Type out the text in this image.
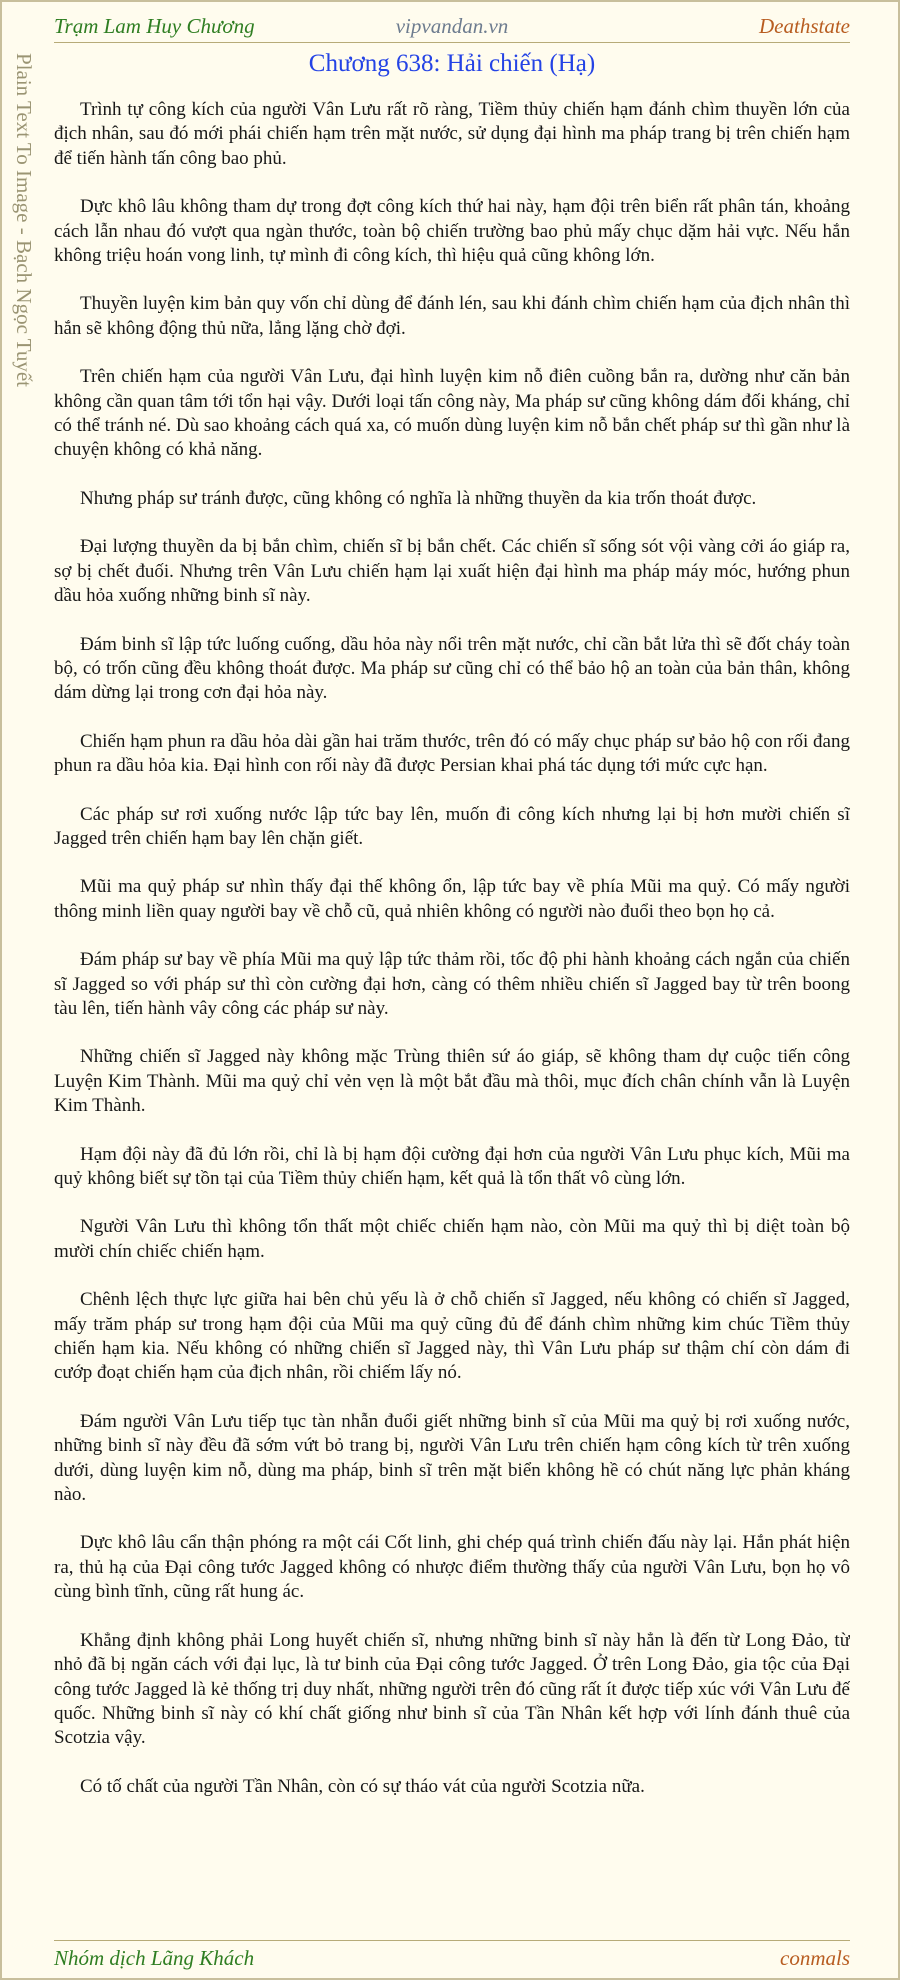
Plain Text To Image - Bạch Ngọc Tuyết
Trạm Lam Huy Chương	vipvandan.vn	Deathstate
Chương 638: Hải chiến (Hạ)

Trình tự công kích của người Vân Lưu rất rõ ràng, Tiềm thủy chiến hạm đánh chìm thuyền lớn của địch nhân, sau đó mới phái chiến hạm trên mặt nước, sử dụng đại hình ma pháp trang bị trên chiến hạm để tiến hành tấn công bao phủ.

Dực khô lâu không tham dự trong đợt công kích thứ hai này, hạm đội trên biển rất phân tán, khoảng cách lẫn nhau đó vượt qua ngàn thước, toàn bộ chiến trường bao phủ mấy chục dặm hải vực. Nếu hắn không triệu hoán vong linh, tự mình đi công kích, thì hiệu quả cũng không lớn.

Thuyền luyện kim bản quy vốn chỉ dùng để đánh lén, sau khi đánh chìm chiến hạm của địch nhân thì hắn sẽ không động thủ nữa, lẳng lặng chờ đợi.

Trên chiến hạm của người Vân Lưu, đại hình luyện kim nỗ điên cuồng bắn ra, dường như căn bản không cần quan tâm tới tổn hại vậy. Dưới loại tấn công này, Ma pháp sư cũng không dám đối kháng, chỉ có thể tránh né. Dù sao khoảng cách quá xa, có muốn dùng luyện kim nỗ bắn chết pháp sư thì gần như là chuyện không có khả năng.

Nhưng pháp sư tránh được, cũng không có nghĩa là những thuyền da kia trốn thoát được.

Đại lượng thuyền da bị bắn chìm, chiến sĩ bị bắn chết. Các chiến sĩ sống sót vội vàng cởi áo giáp ra, sợ bị chết đuối. Nhưng trên Vân Lưu chiến hạm lại xuất hiện đại hình ma pháp máy móc, hướng phun dầu hỏa xuống những binh sĩ này.

Đám binh sĩ lập tức luống cuống, dầu hỏa này nổi trên mặt nước, chỉ cần bắt lửa thì sẽ đốt cháy toàn bộ, có trốn cũng đều không thoát được. Ma pháp sư cũng chỉ có thể bảo hộ an toàn của bản thân, không dám dừng lại trong cơn đại hỏa này.

Chiến hạm phun ra dầu hỏa dài gần hai trăm thước, trên đó có mấy chục pháp sư bảo hộ con rối đang phun ra dầu hỏa kia. Đại hình con rối này đã được Persian khai phá tác dụng tới mức cực hạn.

Các pháp sư rơi xuống nước lập tức bay lên, muốn đi công kích nhưng lại bị hơn mười chiến sĩ Jagged trên chiến hạm bay lên chặn giết.

Mũi ma quỷ pháp sư nhìn thấy đại thế không ổn, lập tức bay về phía Mũi ma quỷ. Có mấy người thông minh liền quay người bay về chỗ cũ, quả nhiên không có người nào đuổi theo bọn họ cả.

Đám pháp sư bay về phía Mũi ma quỷ lập tức thảm rồi, tốc độ phi hành khoảng cách ngắn của chiến sĩ Jagged so với pháp sư thì còn cường đại hơn, càng có thêm nhiều chiến sĩ Jagged bay từ trên boong tàu lên, tiến hành vây công các pháp sư này.

Những chiến sĩ Jagged này không mặc Trùng thiên sứ áo giáp, sẽ không tham dự cuộc tiến công Luyện Kim Thành. Mũi ma quỷ chỉ vẻn vẹn là một bắt đầu mà thôi, mục đích chân chính vẫn là Luyện Kim Thành.

Hạm đội này đã đủ lớn rồi, chỉ là bị hạm đội cường đại hơn của người Vân Lưu phục kích, Mũi ma quỷ không biết sự tồn tại của Tiềm thủy chiến hạm, kết quả là tổn thất vô cùng lớn.

Người Vân Lưu thì không tổn thất một chiếc chiến hạm nào, còn Mũi ma quỷ thì bị diệt toàn bộ mười chín chiếc chiến hạm.

Chênh lệch thực lực giữa hai bên chủ yếu là ở chỗ chiến sĩ Jagged, nếu không có chiến sĩ Jagged, mấy trăm pháp sư trong hạm đội của Mũi ma quỷ cũng đủ để đánh chìm những kim chúc Tiềm thủy chiến hạm kia. Nếu không có những chiến sĩ Jagged này, thì Vân Lưu pháp sư thậm chí còn dám đi cướp đoạt chiến hạm của địch nhân, rồi chiếm lấy nó.

Đám người Vân Lưu tiếp tục tàn nhẫn đuổi giết những binh sĩ của Mũi ma quỷ bị rơi xuống nước, những binh sĩ này đều đã sớm vứt bỏ trang bị, người Vân Lưu trên chiến hạm công kích từ trên xuống dưới, dùng luyện kim nỗ, dùng ma pháp, binh sĩ trên mặt biển không hề có chút năng lực phản kháng nào.

Dực khô lâu cẩn thận phóng ra một cái Cốt linh, ghi chép quá trình chiến đấu này lại. Hắn phát hiện ra, thủ hạ của Đại công tước Jagged không có nhược điểm thường thấy của người Vân Lưu, bọn họ vô cùng bình tĩnh, cũng rất hung ác.

Khẳng định không phải Long huyết chiến sĩ, nhưng những binh sĩ này hẳn là đến từ Long Đảo, từ nhỏ đã bị ngăn cách với đại lục, là tư binh của Đại công tước Jagged. Ở trên Long Đảo, gia tộc của Đại công tước Jagged là kẻ thống trị duy nhất, những người trên đó cũng rất ít được tiếp xúc với Vân Lưu đế quốc. Những binh sĩ này có khí chất giống như binh sĩ của Tần Nhân kết hợp với lính đánh thuê của Scotzia vậy.

Có tố chất của người Tần Nhân, còn có sự tháo vát của người Scotzia nữa.

Nhóm dịch Lãng Khách	conmals
